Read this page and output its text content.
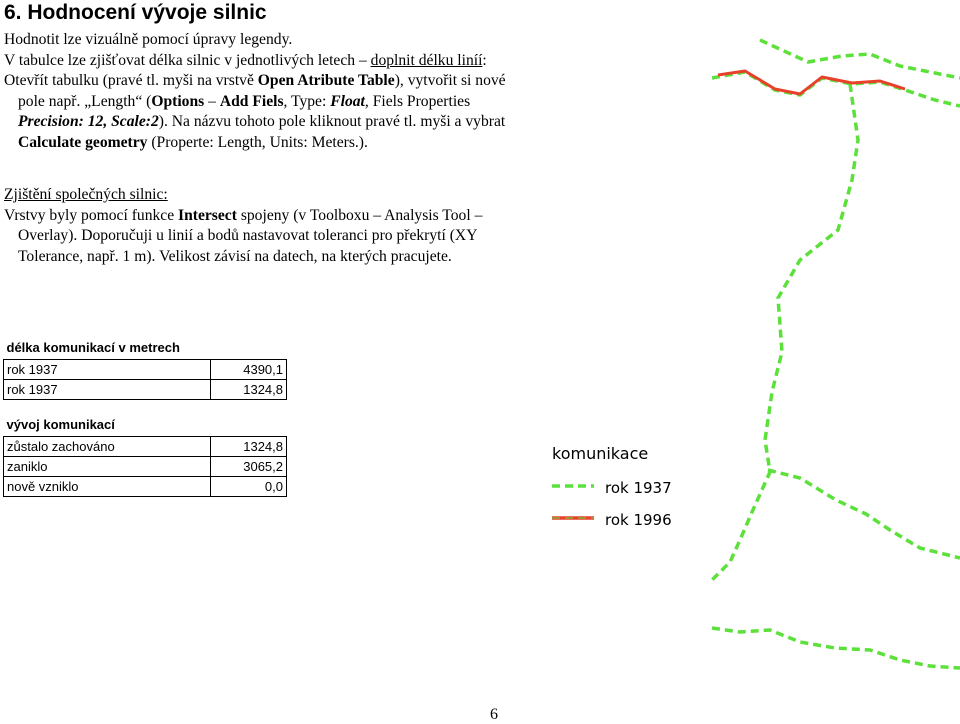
6. Hodnocení vývoje silnic
Hodnotit lze vizuálně pomocí úpravy legendy.
V tabulce lze zjišťovat délka silnic v jednotlivých letech – doplnit délku liníí:
Otevřít tabulku (pravé tl. myši na vrstvě Open Atribute Table), vytvořit si nové pole např. „Length“ (Options – Add Fiels, Type: Float, Fiels Properties Precision: 12, Scale:2). Na názvu tohoto pole kliknout pravé tl. myši a vybrat Calculate geometry (Properte: Length, Units: Meters.).
Zjištění společných silnic:
Vrstvy byly pomocí funkce Intersect spojeny (v Toolboxu – Analysis Tool – Overlay). Doporučuji u linií a bodů nastavovat toleranci pro překrytí (XY Tolerance, např. 1 m). Velikost závisí na datech, na kterých pracujete.
délka komunikací v metrech	
rok 1937	4390,1
rok 1937	1324,8
vývoj komunikací	
zůstalo zachováno	1324,8
zaniklo	3065,2
nově vzniklo	0,0
komunikace
rok 1937
rok 1996
6
